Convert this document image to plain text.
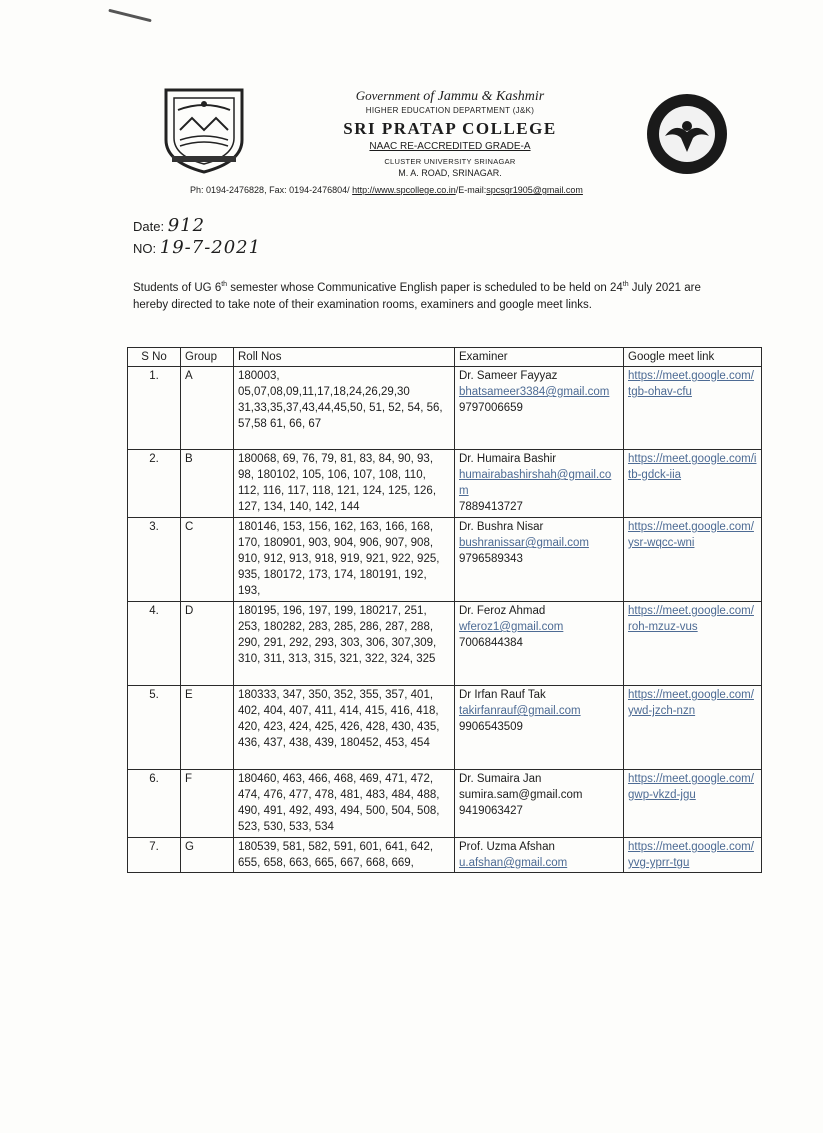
Government of Jammu & Kashmir
HIGHER EDUCATION DEPARTMENT (J&K)
SRI PRATAP COLLEGE
NAAC RE-ACCREDITED GRADE-A
CLUSTER UNIVERSITY SRINAGAR
M. A. ROAD, SRINAGAR.
Ph: 0194-2476828, Fax: 0194-2476804/ http://www.spcollege.co.in/E-mail:spcsgr1905@gmail.com
Date: 912
NO: 19-7-2021
Students of UG 6th semester whose Communicative English paper is scheduled to be held on 24th July 2021 are hereby directed to take note of their examination rooms, examiners and google meet links.
S No	Group	Roll Nos	Examiner	Google meet link
1.	A	180003, 05,07,08,09,11,17,18,24,26,29,30 31,33,35,37,43,44,45,50, 51, 52, 54, 56, 57,58 61, 66, 67	Dr. Sameer Fayyaz
bhatsameer3384@gmail.com
9797006659	https://meet.google.com/tgb-ohav-cfu
2.	B	180068, 69, 76, 79, 81, 83, 84, 90, 93, 98, 180102, 105, 106, 107, 108, 110, 112, 116, 117, 118, 121, 124, 125, 126, 127, 134, 140, 142, 144	Dr. Humaira Bashir
humairabashirshah@gmail.com
7889413727	https://meet.google.com/itb-gdck-iia
3.	C	180146, 153, 156, 162, 163, 166, 168, 170, 180901, 903, 904, 906, 907, 908, 910, 912, 913, 918, 919, 921, 922, 925, 935, 180172, 173, 174, 180191, 192, 193,	Dr. Bushra Nisar
bushranissar@gmail.com
9796589343	https://meet.google.com/ysr-wqcc-wni
4.	D	180195, 196, 197, 199, 180217, 251, 253, 180282, 283, 285, 286, 287, 288, 290, 291, 292, 293, 303, 306, 307,309, 310, 311, 313, 315, 321, 322, 324, 325	Dr. Feroz Ahmad
wferoz1@gmail.com
7006844384	https://meet.google.com/roh-mzuz-vus
5.	E	180333, 347, 350, 352, 355, 357, 401, 402, 404, 407, 411, 414, 415, 416, 418, 420, 423, 424, 425, 426, 428, 430, 435, 436, 437, 438, 439, 180452, 453, 454	Dr Irfan Rauf Tak
takirfanrauf@gmail.com
9906543509	https://meet.google.com/ywd-jzch-nzn
6.	F	180460, 463, 466, 468, 469, 471, 472, 474, 476, 477, 478, 481, 483, 484, 488, 490, 491, 492, 493, 494, 500, 504, 508, 523, 530, 533, 534	Dr. Sumaira Jan
sumira.sam@gmail.com
9419063427	https://meet.google.com/gwp-vkzd-jgu
7.	G	180539, 581, 582, 591, 601, 641, 642, 655, 658, 663, 665, 667, 668, 669,	Prof. Uzma Afshan
u.afshan@gmail.com	https://meet.google.com/yvg-yprr-tgu
